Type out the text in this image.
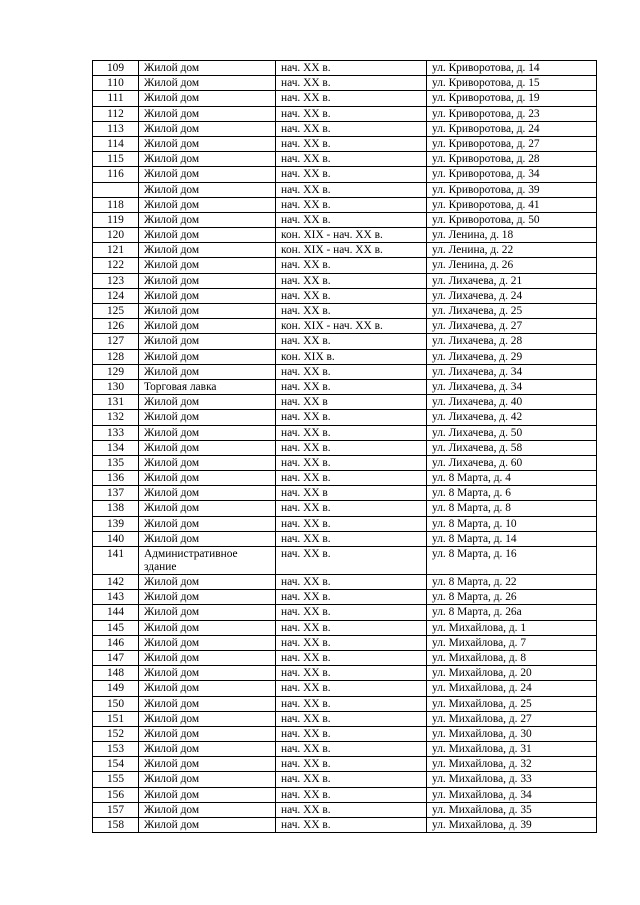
109	Жилой дом	нач. XX в.	ул. Криворотова, д. 14
110	Жилой дом	нач. XX в.	ул. Криворотова, д. 15
111	Жилой дом	нач. XX в.	ул. Криворотова, д. 19
112	Жилой дом	нач. XX в.	ул. Криворотова, д. 23
113	Жилой дом	нач. XX в.	ул. Криворотова, д. 24
114	Жилой дом	нач. XX в.	ул. Криворотова, д. 27
115	Жилой дом	нач. XX в.	ул. Криворотова, д. 28
116	Жилой дом	нач. XX в.	ул. Криворотова, д. 34
	Жилой дом	нач. XX в.	ул. Криворотова, д. 39
118	Жилой дом	нач. XX в.	ул. Криворотова, д. 41
119	Жилой дом	нач. XX в.	ул. Криворотова, д. 50
120	Жилой дом	кон. XIX - нач. XX в.	ул. Ленина, д. 18
121	Жилой дом	кон. XIX - нач. XX в.	ул. Ленина, д. 22
122	Жилой дом	нач. XX в.	ул. Ленина, д. 26
123	Жилой дом	нач. XX в.	ул. Лихачева, д. 21
124	Жилой дом	нач. XX в.	ул. Лихачева, д. 24
125	Жилой дом	нач. XX в.	ул. Лихачева, д. 25
126	Жилой дом	кон. XIX - нач. XX в.	ул. Лихачева, д. 27
127	Жилой дом	нач. XX в.	ул. Лихачева, д. 28
128	Жилой дом	кон. XIX в.	ул. Лихачева, д. 29
129	Жилой дом	нач. XX в.	ул. Лихачева, д. 34
130	Торговая лавка	нач. XX в.	ул. Лихачева, д. 34
131	Жилой дом	нач. XX в	ул. Лихачева, д. 40
132	Жилой дом	нач. XX в.	ул. Лихачева, д. 42
133	Жилой дом	нач. XX в.	ул. Лихачева, д. 50
134	Жилой дом	нач. XX в.	ул. Лихачева, д. 58
135	Жилой дом	нач. XX в.	ул. Лихачева, д. 60
136	Жилой дом	нач. XX в.	ул. 8 Марта, д. 4
137	Жилой дом	нач. XX в	ул. 8 Марта, д. 6
138	Жилой дом	нач. XX в.	ул. 8 Марта, д. 8
139	Жилой дом	нач. XX в.	ул. 8 Марта, д. 10
140	Жилой дом	нач. XX в.	ул. 8 Марта, д. 14
141	Административное здание	нач. XX в.	ул. 8 Марта, д. 16
142	Жилой дом	нач. XX в.	ул. 8 Марта, д. 22
143	Жилой дом	нач. XX в.	ул. 8 Марта, д. 26
144	Жилой дом	нач. XX в.	ул. 8 Марта, д. 26а
145	Жилой дом	нач. XX в.	ул. Михайлова, д. 1
146	Жилой дом	нач. XX в.	ул. Михайлова, д. 7
147	Жилой дом	нач. XX в.	ул. Михайлова, д. 8
148	Жилой дом	нач. XX в.	ул. Михайлова, д. 20
149	Жилой дом	нач. XX в.	ул. Михайлова, д. 24
150	Жилой дом	нач. XX в.	ул. Михайлова, д. 25
151	Жилой дом	нач. XX в.	ул. Михайлова, д. 27
152	Жилой дом	нач. XX в.	ул. Михайлова, д. 30
153	Жилой дом	нач. XX в.	ул. Михайлова, д. 31
154	Жилой дом	нач. XX в.	ул. Михайлова, д. 32
155	Жилой дом	нач. XX в.	ул. Михайлова, д. 33
156	Жилой дом	нач. XX в.	ул. Михайлова, д. 34
157	Жилой дом	нач. XX в.	ул. Михайлова, д. 35
158	Жилой дом	нач. XX в.	ул. Михайлова, д. 39
